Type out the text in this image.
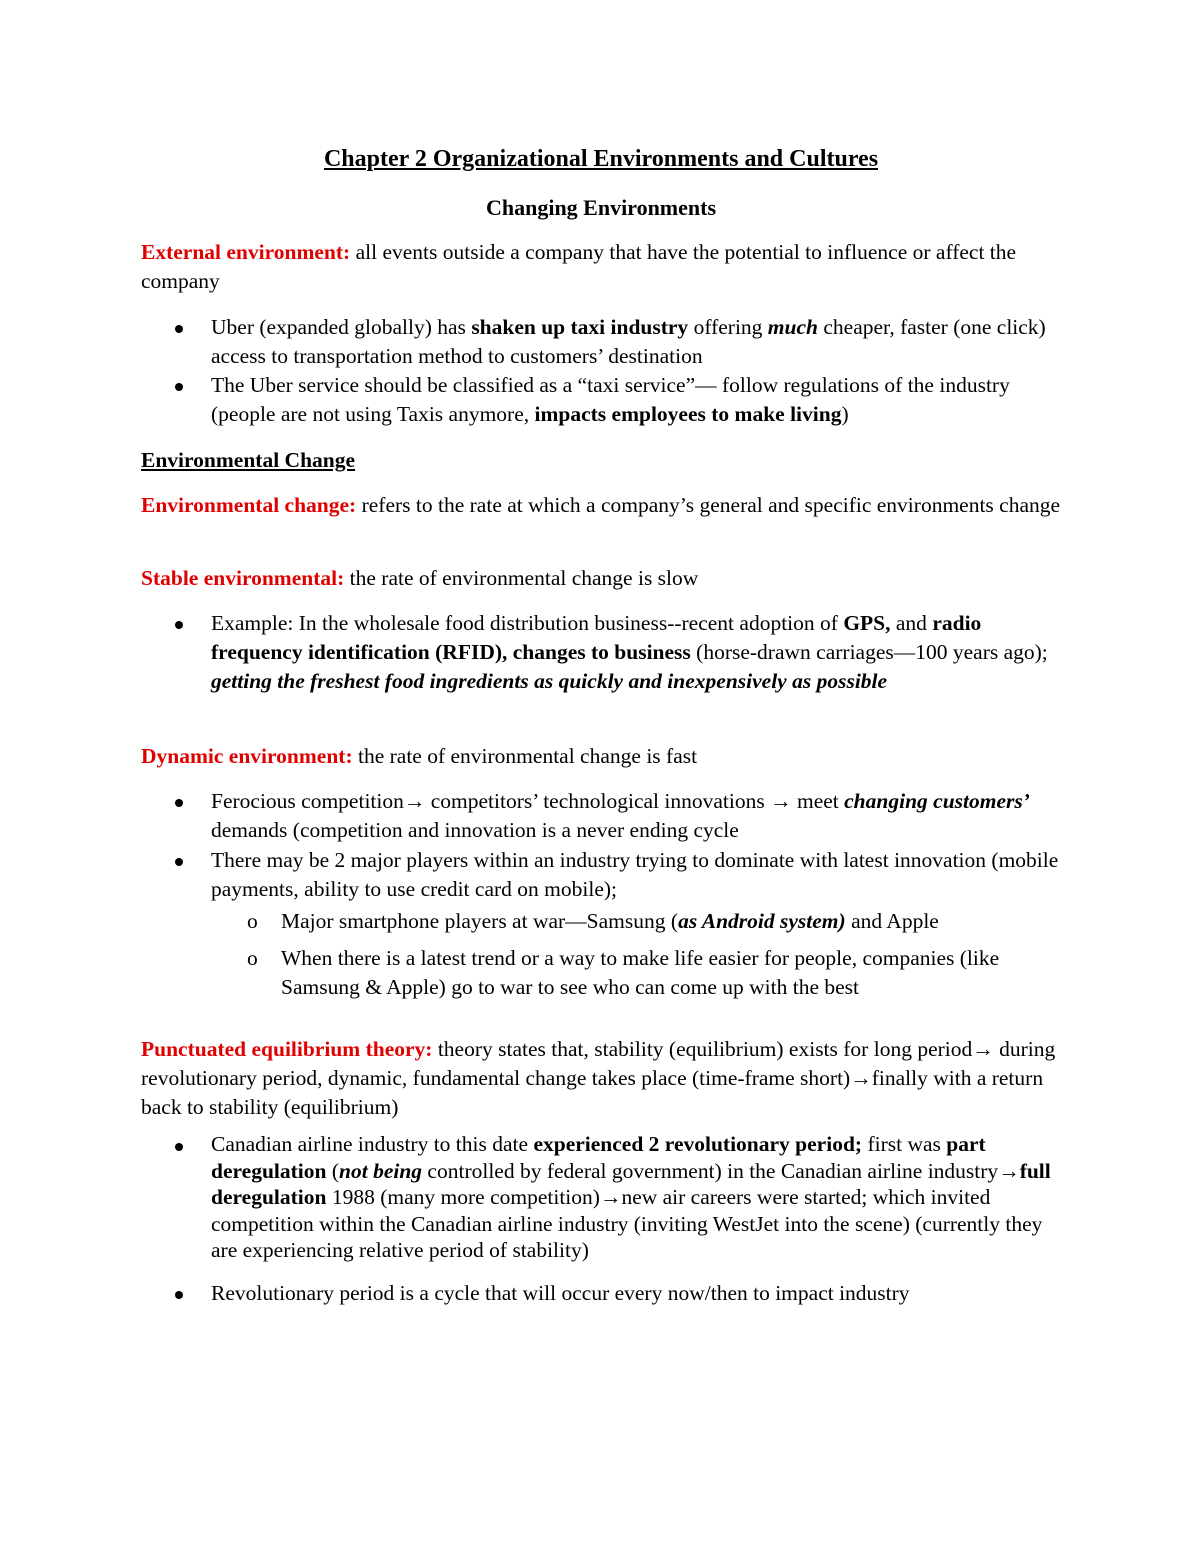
Chapter 2 Organizational Environments and Cultures
Changing Environments
External environment: all events outside a company that have the potential to influence or affect the company
Uber (expanded globally) has shaken up taxi industry offering much cheaper, faster (one click) access to transportation method to customers’ destination
The Uber service should be classified as a “taxi service”— follow regulations of the industry (people are not using Taxis anymore, impacts employees to make living)
Environmental Change
Environmental change: refers to the rate at which a company’s general and specific environments change
Stable environmental: the rate of environmental change is slow
Example: In the wholesale food distribution business--recent adoption of GPS, and radio frequency identification (RFID), changes to business (horse-drawn carriages—100 years ago); getting the freshest food ingredients as quickly and inexpensively as possible
Dynamic environment: the rate of environmental change is fast
Ferocious competition→ competitors’ technological innovations → meet changing customers’ demands (competition and innovation is a never ending cycle
There may be 2 major players within an industry trying to dominate with latest innovation (mobile payments, ability to use credit card on mobile);
o Major smartphone players at war—Samsung (as Android system) and Apple
o When there is a latest trend or a way to make life easier for people, companies (like Samsung & Apple) go to war to see who can come up with the best
Punctuated equilibrium theory: theory states that, stability (equilibrium) exists for long period→ during revolutionary period, dynamic, fundamental change takes place (time-frame short)→finally with a return back to stability (equilibrium)
Canadian airline industry to this date experienced 2 revolutionary period; first was part deregulation (not being controlled by federal government) in the Canadian airline industry→full deregulation 1988 (many more competition)→new air careers were started; which invited competition within the Canadian airline industry (inviting WestJet into the scene) (currently they are experiencing relative period of stability)
Revolutionary period is a cycle that will occur every now/then to impact industry
